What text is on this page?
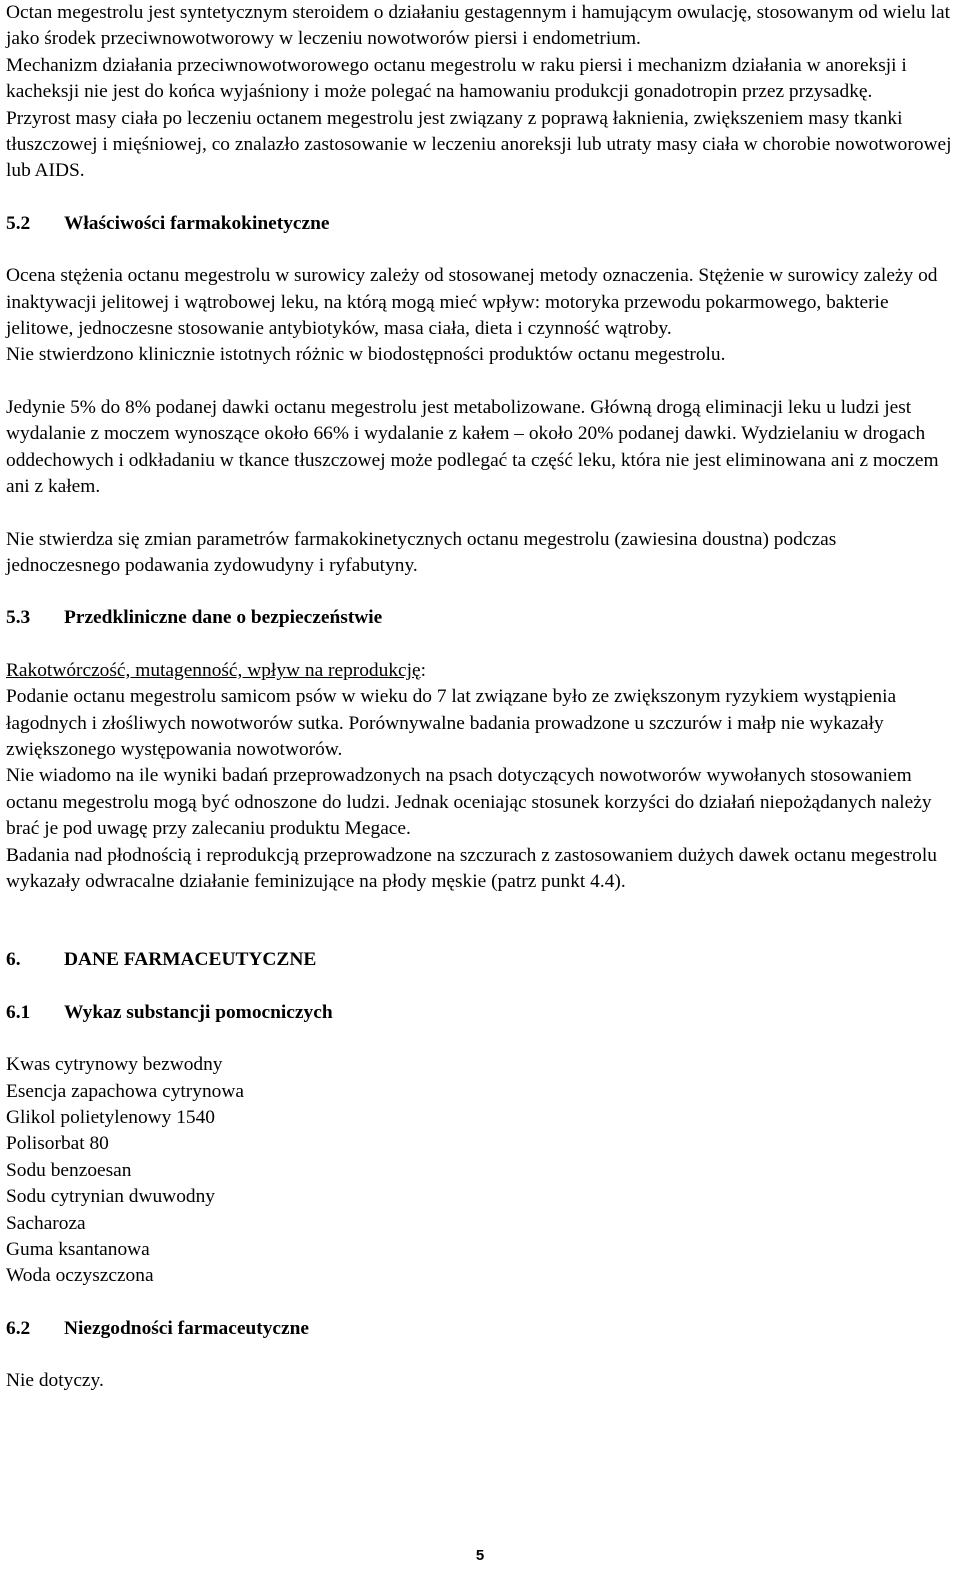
Octan megestrolu jest syntetycznym steroidem o działaniu gestagennym i hamującym owulację, stosowanym od wielu lat jako środek przeciwnowotworowy w leczeniu nowotworów piersi i endometrium.

Mechanizm działania przeciwnowotworowego octanu megestrolu w raku piersi i mechanizm działania w anoreksji i kacheksji nie jest do końca wyjaśniony i może polegać na hamowaniu produkcji gonadotropin przez przysadkę.

Przyrost masy ciała po leczeniu octanem megestrolu jest związany z poprawą łaknienia, zwiększeniem masy tkanki tłuszczowej i mięśniowej, co znalazło zastosowanie w leczeniu anoreksji lub utraty masy ciała w chorobie nowotworowej lub AIDS.

5.2	Właściwości farmakokinetyczne

Ocena stężenia octanu megestrolu w surowicy zależy od stosowanej metody oznaczenia. Stężenie w surowicy zależy od inaktywacji jelitowej i wątrobowej leku, na którą mogą mieć wpływ: motoryka przewodu pokarmowego, bakterie jelitowe, jednoczesne stosowanie antybiotyków, masa ciała, dieta i czynność wątroby.

Nie stwierdzono klinicznie istotnych różnic w biodostępności produktów octanu megestrolu.

Jedynie 5% do 8% podanej dawki octanu megestrolu jest metabolizowane. Główną drogą eliminacji leku u ludzi jest wydalanie z moczem wynoszące około 66% i wydalanie z kałem – około 20% podanej dawki. Wydzielaniu w drogach oddechowych i odkładaniu w tkance tłuszczowej może podlegać ta część leku, która nie jest eliminowana ani z moczem ani z kałem.

Nie stwierdza się zmian parametrów farmakokinetycznych octanu megestrolu (zawiesina doustna) podczas jednoczesnego podawania zydowudyny i ryfabutyny.

5.3	Przedkliniczne dane o bezpieczeństwie

Rakotwórczość, mutagenność, wpływ na reprodukcję:

Podanie octanu megestrolu samicom psów w wieku do 7 lat związane było ze zwiększonym ryzykiem wystąpienia łagodnych i złośliwych nowotworów sutka. Porównywalne badania prowadzone u szczurów i małp nie wykazały zwiększonego występowania nowotworów.

Nie wiadomo na ile wyniki badań przeprowadzonych na psach dotyczących nowotworów wywołanych stosowaniem octanu megestrolu mogą być odnoszone do ludzi. Jednak oceniając stosunek korzyści do działań niepożądanych należy brać je pod uwagę przy zalecaniu produktu Megace.

Badania nad płodnością i reprodukcją przeprowadzone na szczurach z zastosowaniem dużych dawek octanu megestrolu wykazały odwracalne działanie feminizujące na płody męskie (patrz punkt 4.4).

6.	DANE FARMACEUTYCZNE
6.1	Wykaz substancji pomocniczych

Kwas cytrynowy bezwodny

Esencja zapachowa cytrynowa

Glikol polietylenowy 1540

Polisorbat 80

Sodu benzoesan

Sodu cytrynian dwuwodny

Sacharoza

Guma ksantanowa

Woda oczyszczona

6.2	Niezgodności farmaceutyczne

Nie dotyczy.

5
